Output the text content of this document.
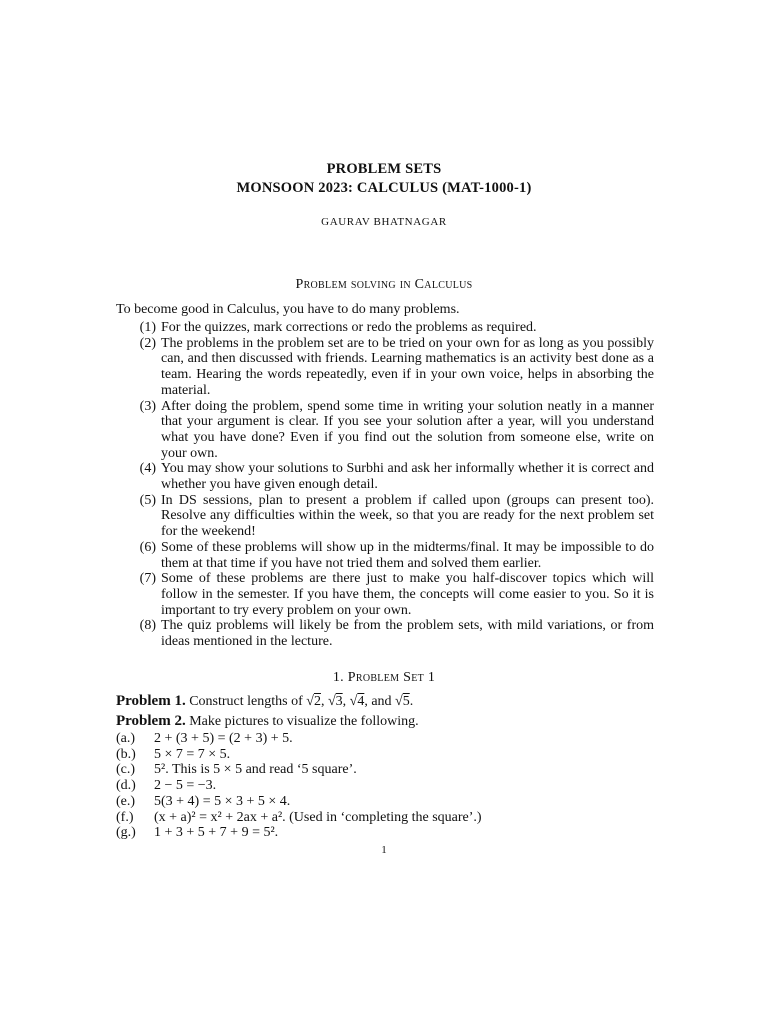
PROBLEM SETS
MONSOON 2023: CALCULUS (MAT-1000-1)
GAURAV BHATNAGAR
Problem solving in Calculus
To become good in Calculus, you have to do many problems.
(1) For the quizzes, mark corrections or redo the problems as required.
(2) The problems in the problem set are to be tried on your own for as long as you possibly can, and then discussed with friends. Learning mathematics is an activity best done as a team. Hearing the words repeatedly, even if in your own voice, helps in absorbing the material.
(3) After doing the problem, spend some time in writing your solution neatly in a manner that your argument is clear. If you see your solution after a year, will you understand what you have done? Even if you find out the solution from someone else, write on your own.
(4) You may show your solutions to Surbhi and ask her informally whether it is correct and whether you have given enough detail.
(5) In DS sessions, plan to present a problem if called upon (groups can present too). Resolve any difficulties within the week, so that you are ready for the next problem set for the weekend!
(6) Some of these problems will show up in the midterms/final. It may be impossible to do them at that time if you have not tried them and solved them earlier.
(7) Some of these problems are there just to make you half-discover topics which will follow in the semester. If you have them, the concepts will come easier to you. So it is important to try every problem on your own.
(8) The quiz problems will likely be from the problem sets, with mild variations, or from ideas mentioned in the lecture.
1. Problem Set 1
Problem 1. Construct lengths of √2, √3, √4, and √5.
Problem 2. Make pictures to visualize the following.
(a.)	2 + (3 + 5) = (2 + 3) + 5.
(b.)	5 × 7 = 7 × 5.
(c.)	5². This is 5 × 5 and read ‘5 square’.
(d.)	2 − 5 = −3.
(e.)	5(3 + 4) = 5 × 3 + 5 × 4.
(f.)	(x + a)² = x² + 2ax + a². (Used in ‘completing the square’.)
(g.)	1 + 3 + 5 + 7 + 9 = 5².
1
